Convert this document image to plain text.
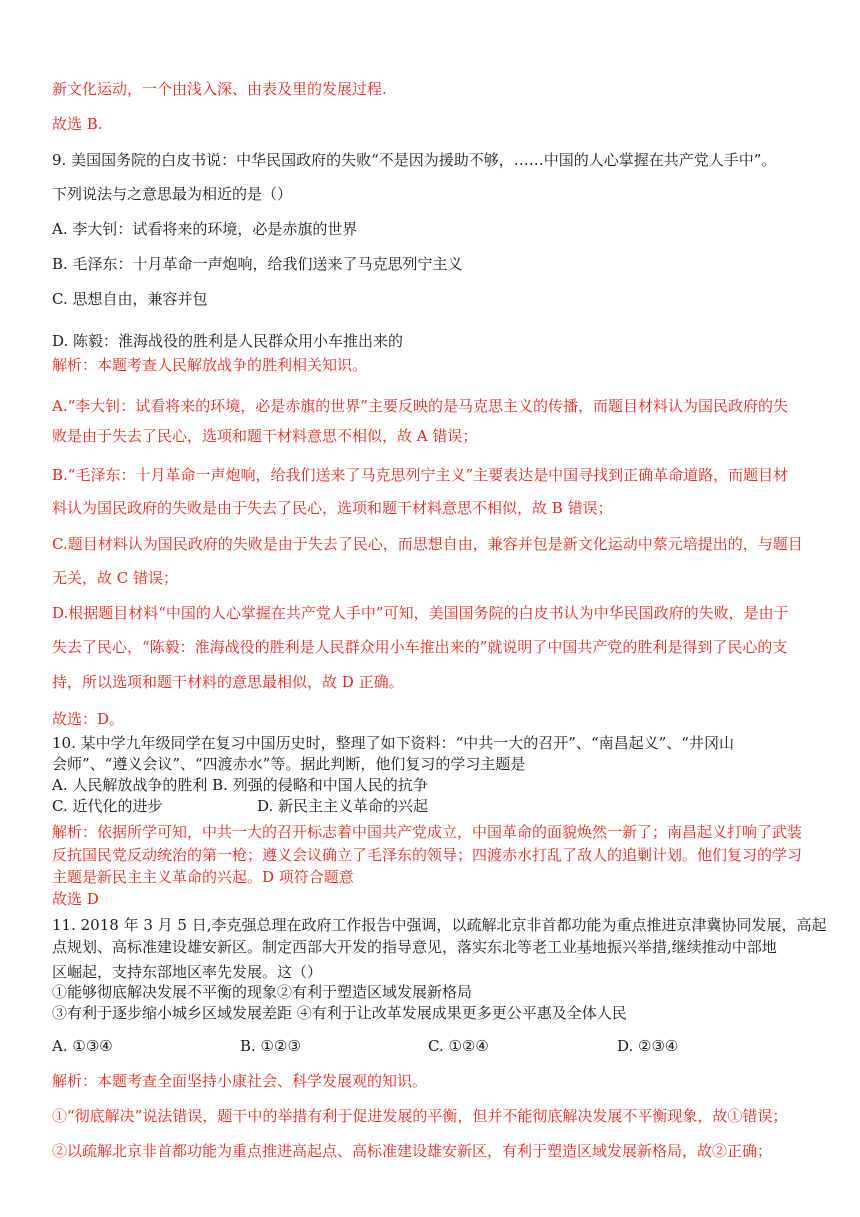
新文化运动，一个由浅入深、由表及里的发展过程.
故选 B.
9. 美国国务院的白皮书说：中华民国政府的失败“不是因为援助不够，……中国的人心掌握在共产党人手中”。
下列说法与之意思最为相近的是（）
A. 李大钊：试看将来的环境，必是赤旗的世界
B. 毛泽东：十月革命一声炮响，给我们送来了马克思列宁主义
C. 思想自由，兼容并包
D. 陈毅：淮海战役的胜利是人民群众用小车推出来的
解析：本题考查人民解放战争的胜利相关知识。
A.“李大钊：试看将来的环境，必是赤旗的世界”主要反映的是马克思主义的传播，而题目材料认为国民政府的失
败是由于失去了民心，选项和题干材料意思不相似，故 A 错误；
B.“毛泽东：十月革命一声炮响，给我们送来了马克思列宁主义”主要表达是中国寻找到正确革命道路，而题目材
料认为国民政府的失败是由于失去了民心，选项和题干材料意思不相似，故 B 错误；
C.题目材料认为国民政府的失败是由于失去了民心，而思想自由，兼容并包是新文化运动中蔡元培提出的，与题目
无关，故 C 错误；
D.根据题目材料“中国的人心掌握在共产党人手中”可知，美国国务院的白皮书认为中华民国政府的失败，是由于
失去了民心，“陈毅：淮海战役的胜利是人民群众用小车推出来的”就说明了中国共产党的胜利是得到了民心的支
持，所以选项和题干材料的意思最相似，故 D 正确。
故选：D。
10. 某中学九年级同学在复习中国历史时，整理了如下资料：“中共一大的召开”、“南昌起义”、“井冈山
会师”、“遵义会议”、“四渡赤水”等。据此判断，他们复习的学习主题是
A. 人民解放战争的胜利 B. 列强的侵略和中国人民的抗争
C. 近代化的进步	D. 新民主主义革命的兴起
解析：依据所学可知，中共一大的召开标志着中国共产党成立，中国革命的面貌焕然一新了；南昌起义打响了武装
反抗国民党反动统治的第一枪；遵义会议确立了毛泽东的领导；四渡赤水打乱了敌人的追剿计划。他们复习的学习
主题是新民主主义革命的兴起。D 项符合题意
故选 D
11. 2018 年 3 月 5 日,李克强总理在政府工作报告中强调，以疏解北京非首都功能为重点推进京津冀协同发展，高起
点规划、高标准建设雄安新区。制定西部大开发的指导意见，落实东北等老工业基地振兴举措,继续推动中部地
区崛起，支持东部地区率先发展。这（）
①能够彻底解决发展不平衡的现象②有利于塑造区域发展新格局
③有利于逐步缩小城乡区域发展差距 ④有利于让改革发展成果更多更公平惠及全体人民
A. ①③④	B. ①②③	C. ①②④	D. ②③④
解析：本题考查全面坚持小康社会、科学发展观的知识。
①“彻底解决”说法错误，题干中的举措有利于促进发展的平衡，但并不能彻底解决发展不平衡现象，故①错误；
②以疏解北京非首都功能为重点推进高起点、高标准建设雄安新区，有利于塑造区域发展新格局，故②正确；
